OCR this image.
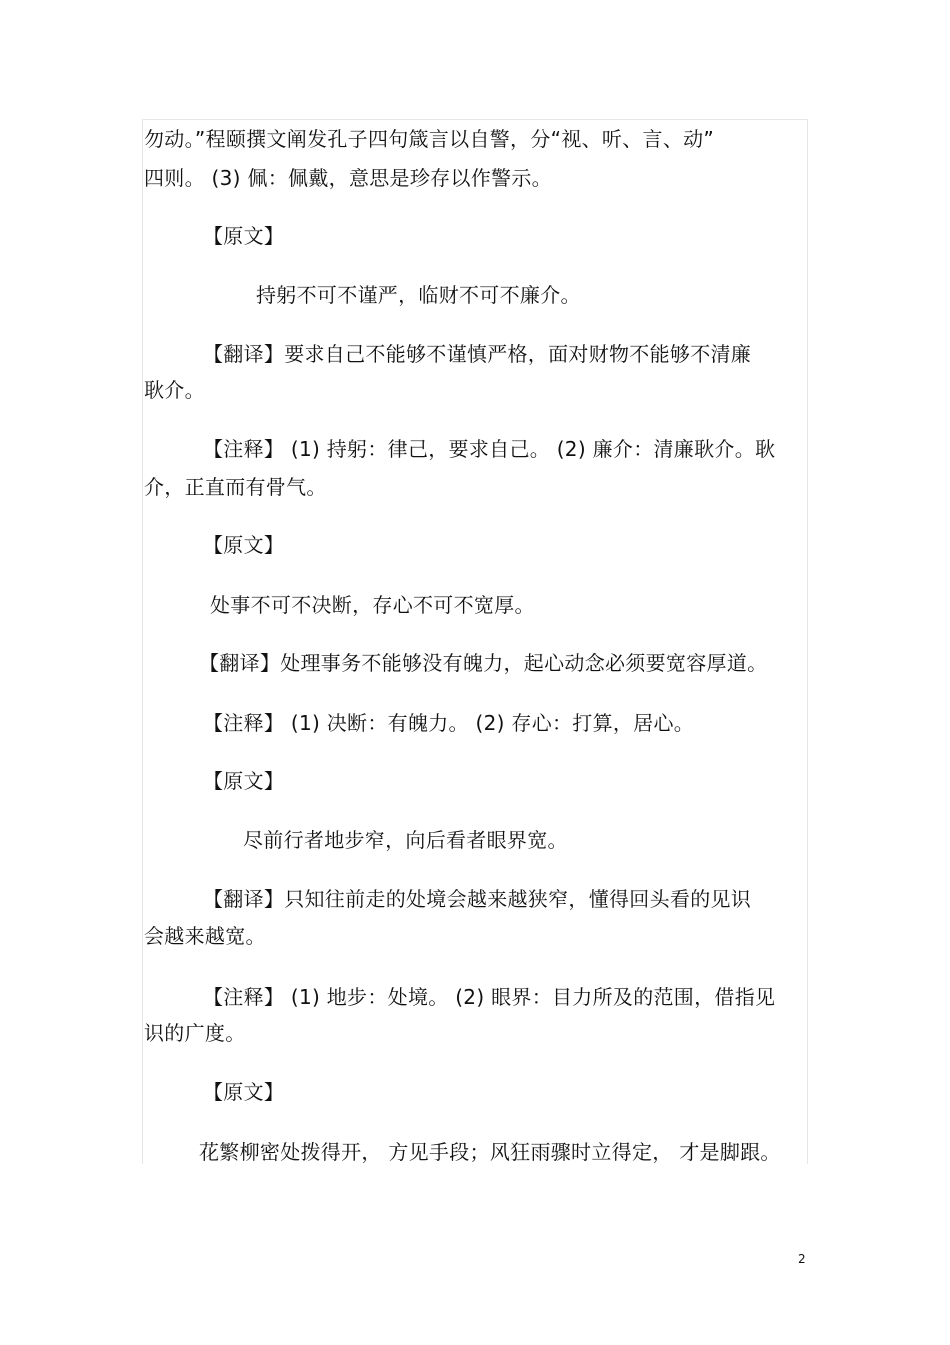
勿动。”程颐撰文阐发孔子四句箴言以自警，分“视、听、言、动”
四则。 (3) 佩：佩戴，意思是珍存以作警示。
【原文】
持躬不可不谨严，临财不可不廉介。
【翻译】要求自己不能够不谨慎严格，面对财物不能够不清廉
耿介。
【注释】 (1) 持躬：律己，要求自己。 (2) 廉介：清廉耿介。耿
介，正直而有骨气。
【原文】
处事不可不决断，存心不可不宽厚。
【翻译】处理事务不能够没有魄力，起心动念必须要宽容厚道。
【注释】 (1) 决断：有魄力。 (2) 存心：打算，居心。
【原文】
尽前行者地步窄，向后看者眼界宽。
【翻译】只知往前走的处境会越来越狭窄，懂得回头看的见识
会越来越宽。
【注释】 (1) 地步：处境。 (2) 眼界：目力所及的范围，借指见
识的广度。
【原文】
花繁柳密处拨得开， 方见手段；风狂雨骤时立得定， 才是脚跟。
2
